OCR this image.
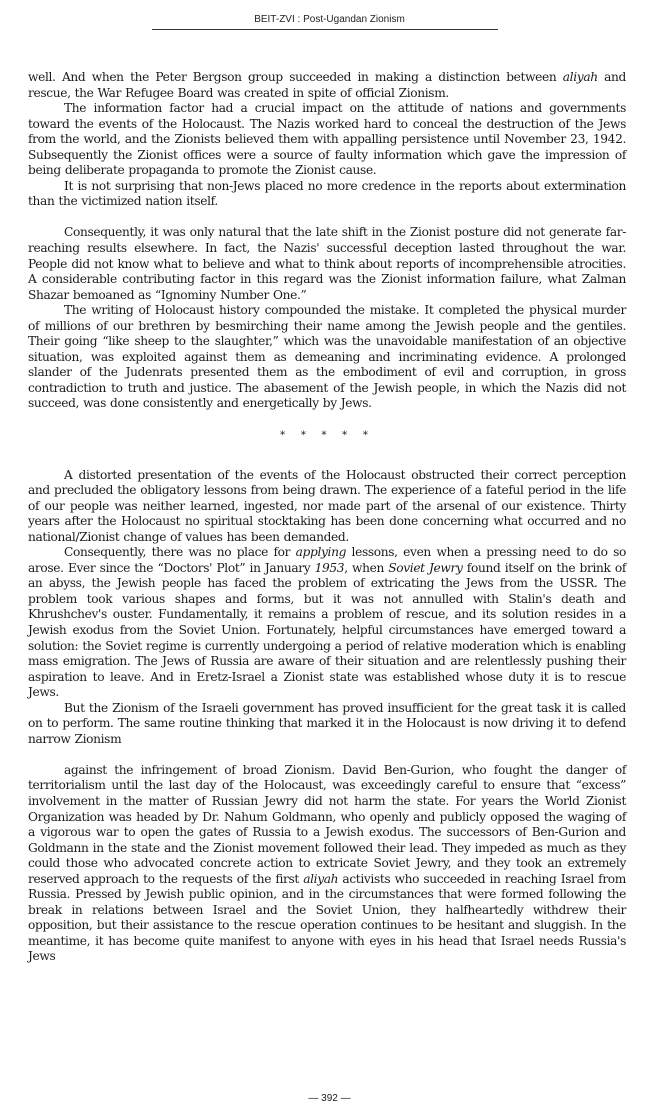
BEIT-ZVI : Post-Ugandan Zionism

well. And when the Peter Bergson group succeeded in making a distinction between aliyah and rescue, the War Refugee Board was created in spite of official Zionism.

The information factor had a crucial impact on the attitude of nations and governments toward the events of the Holocaust. The Nazis worked hard to conceal the destruction of the Jews from the world, and the Zionists believed them with appalling persistence until November 23, 1942. Subsequently the Zionist offices were a source of faulty information which gave the impression of being deliberate propaganda to promote the Zionist cause.

It is not surprising that non-Jews placed no more credence in the reports about extermination than the victimized nation itself.

Consequently, it was only natural that the late shift in the Zionist posture did not generate far-reaching results elsewhere. In fact, the Nazis' successful deception lasted throughout the war. People did not know what to believe and what to think about reports of incomprehensible atrocities. A considerable contributing factor in this regard was the Zionist information failure, what Zalman Shazar bemoaned as “Ignominy Number One.”

The writing of Holocaust history compounded the mistake. It completed the physical murder of millions of our brethren by besmirching their name among the Jewish people and the gentiles. Their going “like sheep to the slaughter,” which was the unavoidable manifestation of an objective situation, was exploited against them as demeaning and incriminating evidence. A prolonged slander of the Judenrats presented them as the embodiment of evil and corruption, in gross contradiction to truth and justice. The abasement of the Jewish people, in which the Nazis did not succeed, was done consistently and energetically by Jews.

* * * * *

A distorted presentation of the events of the Holocaust obstructed their correct perception and precluded the obligatory lessons from being drawn. The experience of a fateful period in the life of our people was neither learned, ingested, nor made part of the arsenal of our existence. Thirty years after the Holocaust no spiritual stocktaking has been done concerning what occurred and no national/Zionist change of values has been demanded.

Consequently, there was no place for applying lessons, even when a pressing need to do so arose. Ever since the “Doctors' Plot” in January 1953, when Soviet Jewry found itself on the brink of an abyss, the Jewish people has faced the problem of extricating the Jews from the USSR. The problem took various shapes and forms, but it was not annulled with Stalin's death and Khrushchev's ouster. Fundamentally, it remains a problem of rescue, and its solution resides in a Jewish exodus from the Soviet Union. Fortunately, helpful circumstances have emerged toward a solution: the Soviet regime is currently undergoing a period of relative moderation which is enabling mass emigration. The Jews of Russia are aware of their situation and are relentlessly pushing their aspiration to leave. And in Eretz-Israel a Zionist state was established whose duty it is to rescue Jews.

But the Zionism of the Israeli government has proved insufficient for the great task it is called on to perform. The same routine thinking that marked it in the Holocaust is now driving it to defend narrow Zionism

against the infringement of broad Zionism. David Ben-Gurion, who fought the danger of territorialism until the last day of the Holocaust, was exceedingly careful to ensure that “excess” involvement in the matter of Russian Jewry did not harm the state. For years the World Zionist Organization was headed by Dr. Nahum Goldmann, who openly and publicly opposed the waging of a vigorous war to open the gates of Russia to a Jewish exodus. The successors of Ben-Gurion and Goldmann in the state and the Zionist movement followed their lead. They impeded as much as they could those who advocated concrete action to extricate Soviet Jewry, and they took an extremely reserved approach to the requests of the first aliyah activists who succeeded in reaching Israel from Russia. Pressed by Jewish public opinion, and in the circumstances that were formed following the break in relations between Israel and the Soviet Union, they halfheartedly withdrew their opposition, but their assistance to the rescue operation continues to be hesitant and sluggish. In the meantime, it has become quite manifest to anyone with eyes in his head that Israel needs Russia's Jews

— 392 —
